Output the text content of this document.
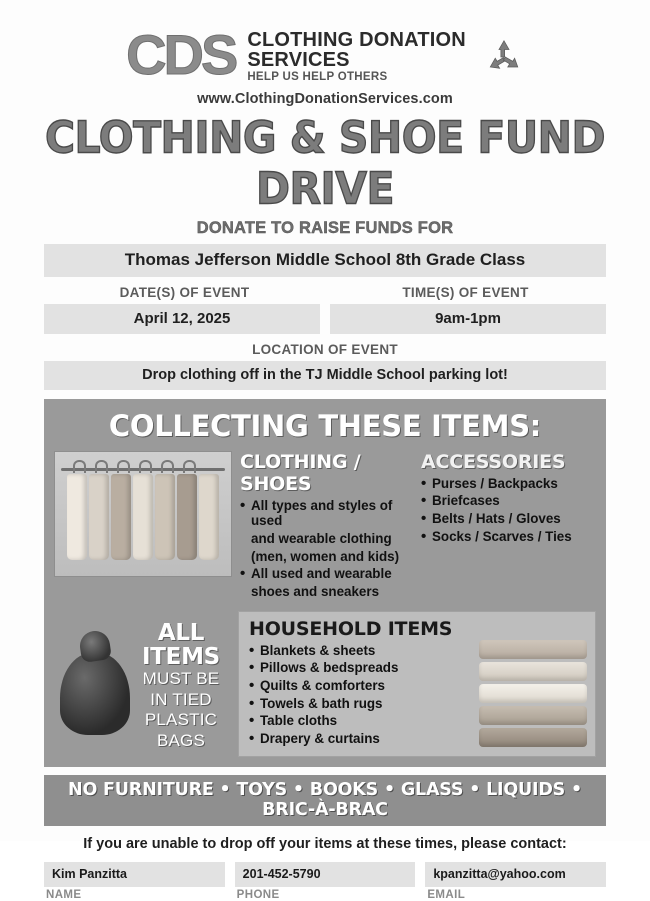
CDS CLOTHING DONATION
SERVICES
HELP US HELP OTHERS
www.ClothingDonationServices.com
CLOTHING & SHOE FUND DRIVE
DONATE TO RAISE FUNDS FOR
Thomas Jefferson Middle School 8th Grade Class
DATE(S) OF EVENT	TIME(S) OF EVENT
April 12, 2025	9am-1pm
LOCATION OF EVENT
Drop clothing off in the TJ Middle School parking lot!
COLLECTING THESE ITEMS:
CLOTHING / SHOES
• All types and styles of used
and wearable clothing
(men, women and kids)
• All used and wearable
shoes and sneakers
ACCESSORIES
• Purses / Backpacks
• Briefcases
• Belts / Hats / Gloves
• Socks / Scarves / Ties
ALL ITEMS
MUST BE
IN TIED
PLASTIC
BAGS
HOUSEHOLD ITEMS
• Blankets & sheets
• Pillows & bedspreads
• Quilts & comforters
• Towels & bath rugs
• Table cloths
• Drapery & curtains
NO FURNITURE • TOYS • BOOKS • GLASS • LIQUIDS • BRIC-À-BRAC
If you are unable to drop off your items at these times, please contact:
Kim Panzitta	201-452-5790	kpanzitta@yahoo.com
NAME	PHONE	EMAIL
